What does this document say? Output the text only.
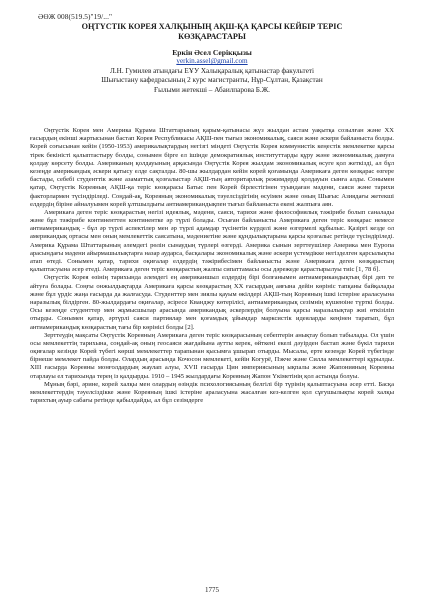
ӘӨЖ 008(519.5)"19/..."
ОҢТҮСТІК КОРЕЯ ХАЛҚЫНЫҢ АҚШ-ҚА ҚАРСЫ КЕЙБІР ТЕРІС
КӨЗҚАРАСТАРЫ
Еркін Әсел Серікқызы
yerkin.assel@gmail.com
Л.Н. Гумилев атындағы ЕҰУ Халықаралық қатынастар факультеті
Шығыстану кафедрасының 2 курс магистранты, Нұр-Сұлтан, Қазақстан
Ғылыми жетекші – Абаилпарова Б.Ж.

Оңтүстік Корея мен Америка Құрама Штаттарының қарым-қатынасы жүз жылдан астам уақытқа созылған және ХХ ғасырдың екінші жартысынан бастап Корея Республикасы АҚШ-пен тығыз экономикалық, саяси және əскери байланыста болды. Корей соғысынан кейін (1950-1953) америкалықтардың негізгі міндеті Оңтүстік Корея коммунистік кеңестік мемлекетке қарсы тірек бекіністі қалыптастыру болды, сонымен бірге ел ішінде демократиялық институттарды құру және экономикалық дамуға қолдау көрсету болды. Американың қолдауының арқасында Оңтүстік Корея жылдам экономикалық өсуге қол жеткізді, ал бұл кезеңде американдық әскери қатысу елде сақталды. 80-шы жылдардан кейін корей қоғамында Америкаға деген көзқарас өзгере бастады, себебі студенттік және азаматтық қозғалыстар АҚШ-тың авторитарлық режимдерді қолдауын сынға алды. Сонымен қатар, Оңтүстік Кореяның АҚШ-қа теріс көзқарасы Батыс пен Корей бірлестігінен туындаған мәдени, саяси және тарихи факторлармен түсіндіріледі. Соңдай-ақ, Кореяның экономикалық тәуелсіздігінің өсуімен және оның Шығыс Азиядағы жетекші елдердің біріне айналуымен корей ұлтшылдығы антиамерикандықпен тығыз байланыста екені жалпыға аян.

Америкаға деген теріс көзқарастың негізі идеялық, мәдени, саяси, тарихи және философиялық тәжірибе болып саналады және бұл тәжірибе континенттен континентке әр түрлі болады. Осыған байланысты Америкаға деген теріс көзқарас немесе антиамерикандық - бұл әр түрлі аспектілер мен әр түрлі адамдар түсінетін күрделі және өзгермелі құбылыс. Қазіргі кезде ол американдық ортасы мен оның мемлекеттік саясатына, мәдениетіне және құндылықтарына қарсы қозғалыс ретінде түсіндіріледі. Америка Құрама Штаттарының әлемдегі рөлін сынаудың түрлері өзгерді. Америка сынын зерттеушілер Америка мен Еуропа арасындағы мәдени айырмашылықтарға назар аударса, басқалары экономикалық және әскери үстемдікке негізделген қарсылықты атап өтеді. Сонымен қатар, тарихи оқиғалар елдердің тәжірибесімен байланысты және Америкаға деген көзқарастың қалыптасуына әсер етеді. Америкаға деген теріс көзқарастың жалпы сипаттамасы осы дәрежеде қарастырылуы тиіс [1, 78 б].

Оңтүстік Корея өзінің тарихында әлемдегі ең американшыл елдердің бірі болғанымен антиамерикандықтың бірі деп те айтуға болады. Соңғы онжылдықтарда Америкаға қарсы көзқарастың ХХ ғасырдың аяғына дейін көрініс тапқаны байқалады және бұл үрдіс жаңа ғасырда да жалғасуда. Студенттер мен зиялы қауым өкілдері АҚШ-тың Кореяның ішкі істеріне араласуына наразылық білдірген. 80-жылдардағы оқиғалар, әсіресе Кванджу көтерілісі, антиамерикандық сезімнің күшеюіне түрткі болды. Осы кезеңде студенттер мен жұмысшылар арасында американдық әскерлердің болуына қарсы наразылықтар жиі өткізіліп отырды. Сонымен қатар, әртүрлі саяси партиялар мен қоғамдық ұйымдар марксистік идеяларды кеңінен таратып, бұл антиамерикандық көзқарастың тағы бір көрінісі болды [2].

Зерттеудің мақсаты Оңтүстік Кореяның Америкаға деген теріс көзқарасының себептерін анықтау болып табылады. Ол үшін осы мемлекеттің тарихына, соңдай-ақ оның геосаяси жағдайына аутты керек, өйткені екелі дәуірден бастап және бүкіл тарихи оқиғалар кезінде Корей түбегі көрші мемлекеттер тарапынан қысымға ұшырап отырды. Мысалы, ерте кезеңде Корей түбегінде бірнеше мемлекет пайда болды. Олардың арасында Кочосон мемлекеті, кейін Когурё, Пэкче және Силла мемлекеттері құрылды. XIII ғасырда Кореяны монғолдардың жаулап алуы, XVII ғасырда Цин империясының ықпалы және Жапонияның Кореяны отарлауы ел тарихында терең із қалдырды. 1910 – 1945 жылдардағы Кореяның Жапон Үкіметінің қол астында болуы.

Мұның бәрі, әрине, корей халқы мен олардың өзіндік психологиясының белгілі бір түрінің қалыптасуына әсер етті. Басқа мемлекеттердің тәуелсіздікке және Кореяның ішкі істеріне араласуына жасалған кез-келген қол сұғушылықты корей халқы тарихтың ауыр сабағы ретінде қабылдайды, ал бұл сезімдерге

1775
